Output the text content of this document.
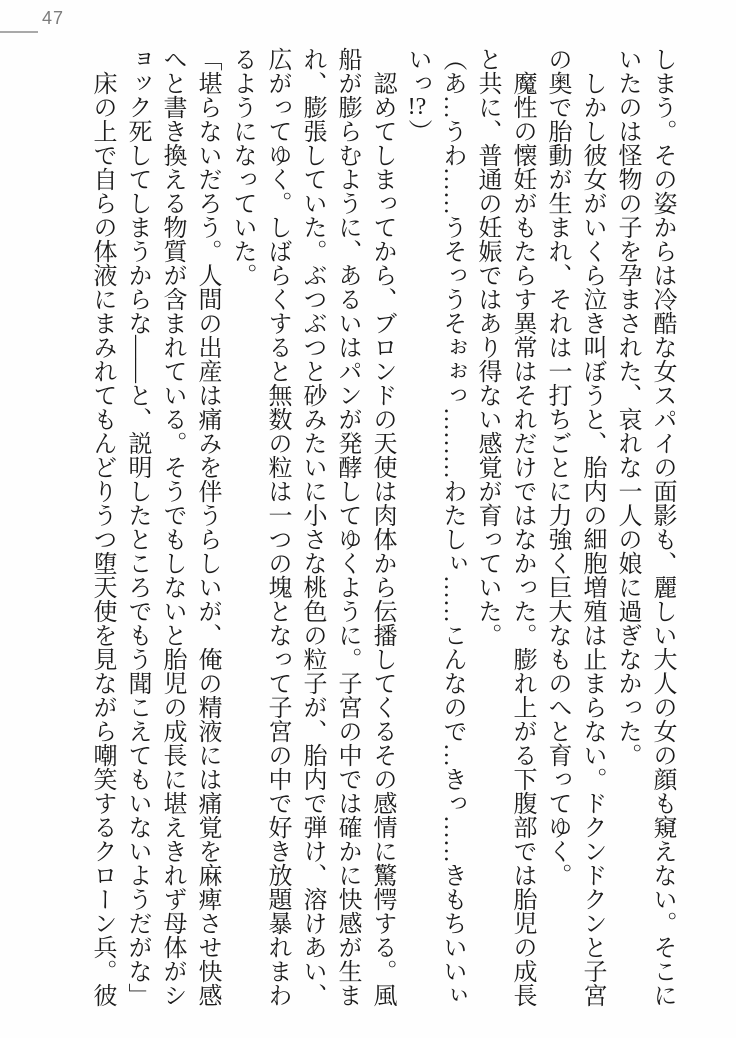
47

しまう。その姿からは冷酷な女スパイの面影も、麗しい大人の女の顔も窺えない。そこにいたのは怪物の子を孕まされた、哀れな一人の娘に過ぎなかった。

　しかし彼女がいくら泣き叫ぼうと、胎内の細胞増殖は止まらない。ドクンドクンと子宮の奥で胎動が生まれ、それは一打ちごとに力強く巨大なものへと育ってゆく。

　魔性の懐妊がもたらす異常はそれだけではなかった。膨れ上がる下腹部では胎児の成長と共に、普通の妊娠ではあり得ない感覚が育っていた。

（あ…うわ……うそっうそぉぉっ………わたしぃ……こんなので…きっ……きもちいいぃいっ!?）

　認めてしまってから、ブロンドの天使は肉体から伝播してくるその感情に驚愕する。風船が膨らむように、あるいはパンが発酵してゆくように。子宮の中では確かに快感が生まれ、膨張していた。ぶつぶつと砂みたいに小さな桃色の粒子が、胎内で弾け、溶けあい、広がってゆく。しばらくすると無数の粒は一つの塊となって子宮の中で好き放題暴れまわるようになっていた。

「堪らないだろう。人間の出産は痛みを伴うらしいが、俺の精液には痛覚を麻痺させ快感へと書き換える物質が含まれている。そうでもしないと胎児の成長に堪えきれず母体がショック死してしまうからな——と、説明したところでもう聞こえてもいないようだがな」

　床の上で自らの体液にまみれてもんどりうつ堕天使を見ながら嘲笑するクローン兵。彼
